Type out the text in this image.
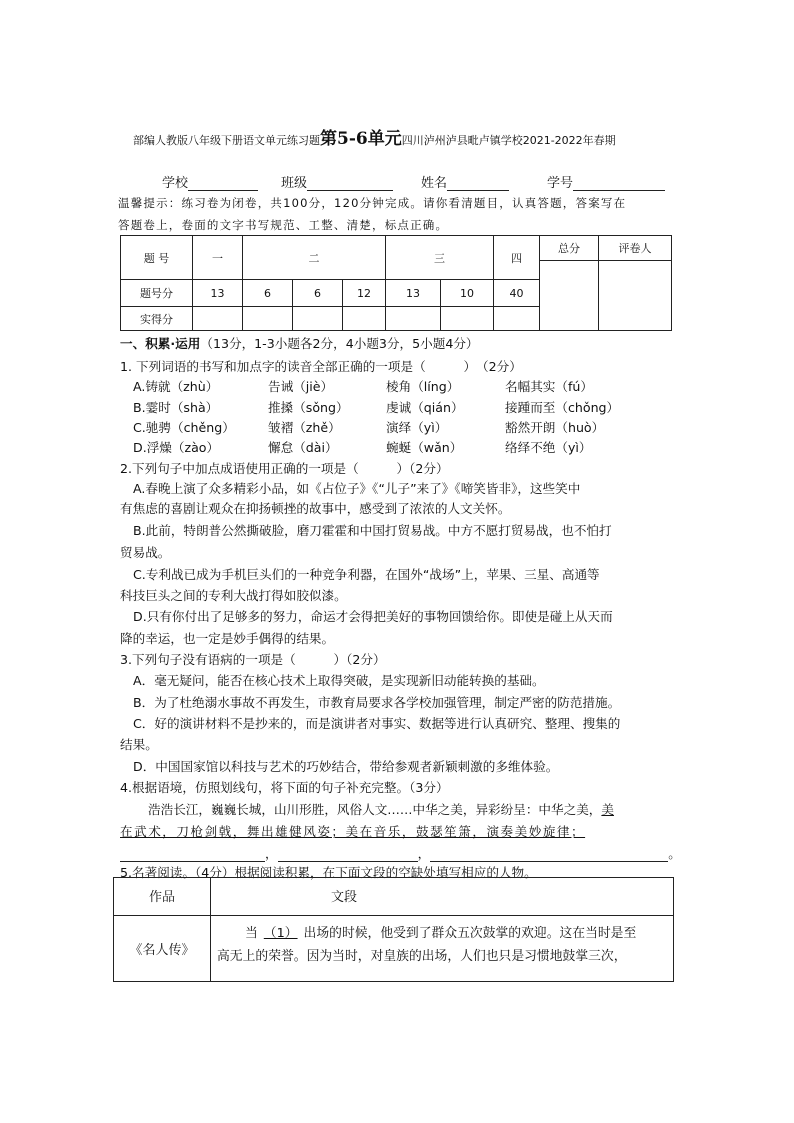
部编人教版八年级下册语文单元练习题第5-6单元四川泸州泸县毗卢镇学校2021-2022年春期
学校	班级	姓名	学号
温馨提示：练习卷为闭卷，共100分，120分钟完成。请你看清题目，认真答题，答案写在
答题卷上，卷面的文字书写规范、工整、清楚，标点正确。
题 号	一	二			三		四	总分	评卷人

题号分	13	6	6	12	13	10	40		
实得分									
一、积累·运用（13分，1-3小题各2分，4小题3分，5小题4分）
1. 下列词语的书写和加点字的读音全部正确的一项是（　　　）　（2分）
A.铸就（zhù）	告诫（jiè）	棱角（líng）	名幅其实（fú）
B.霎时（shà）	推搡（sǒng）	虔诚（qián）	接踵而至（chǒng）
C.驰骋（chěng）	皱褶（zhě）	演绎（yì）	豁然开朗（huò）
D.浮燥（zào）	懈怠（dài）	蜿蜒（wǎn）	络绎不绝（yì）
2.下列句子中加点成语使用正确的一项是（　　　）（2分）
A.春晚上演了众多精彩小品，如《占位子》《“儿子”来了》《啼笑皆非》，这些笑中
有焦虑的喜剧让观众在抑扬顿挫的故事中，感受到了浓浓的人文关怀。
B.此前，特朗普公然撕破脸，磨刀霍霍和中国打贸易战。中方不愿打贸易战，也不怕打
贸易战。
C.专利战已成为手机巨头们的一种竞争利器，在国外“战场”上，苹果、三星、高通等
科技巨头之间的专利大战打得如胶似漆。
D.只有你付出了足够多的努力，命运才会得把美好的事物回馈给你。即使是碰上从天而
降的幸运，也一定是妙手偶得的结果。
3.下列句子没有语病的一项是（　　　）（2分）
A．毫无疑问，能否在核心技术上取得突破，是实现新旧动能转换的基础。
B．为了杜绝溺水事故不再发生，市教育局要求各学校加强管理，制定严密的防范措施。
C．好的演讲材料不是抄来的，而是演讲者对事实、数据等进行认真研究、整理、搜集的
结果。
D．中国国家馆以科技与艺术的巧妙结合，带给参观者新颖刺激的多维体验。
4.根据语境，仿照划线句，将下面的句子补充完整。（3分）
浩浩长江，巍巍长城，山川形胜，风俗人文……中华之美，异彩纷呈：中华之美，美
在武术，刀枪剑戟，舞出雄健风姿；美在音乐，鼓瑟笙箫，演奏美妙旋律；
，	，	。
5.名著阅读。（4分）根据阅读积累，在下面文段的空缺处填写相应的人物。
作品	文段
《名人传》	当 （1） 出场的时候，他受到了群众五次鼓掌的欢迎。这在当时是至
高无上的荣誉。因为当时，对皇族的出场，人们也只是习惯地鼓掌三次，
